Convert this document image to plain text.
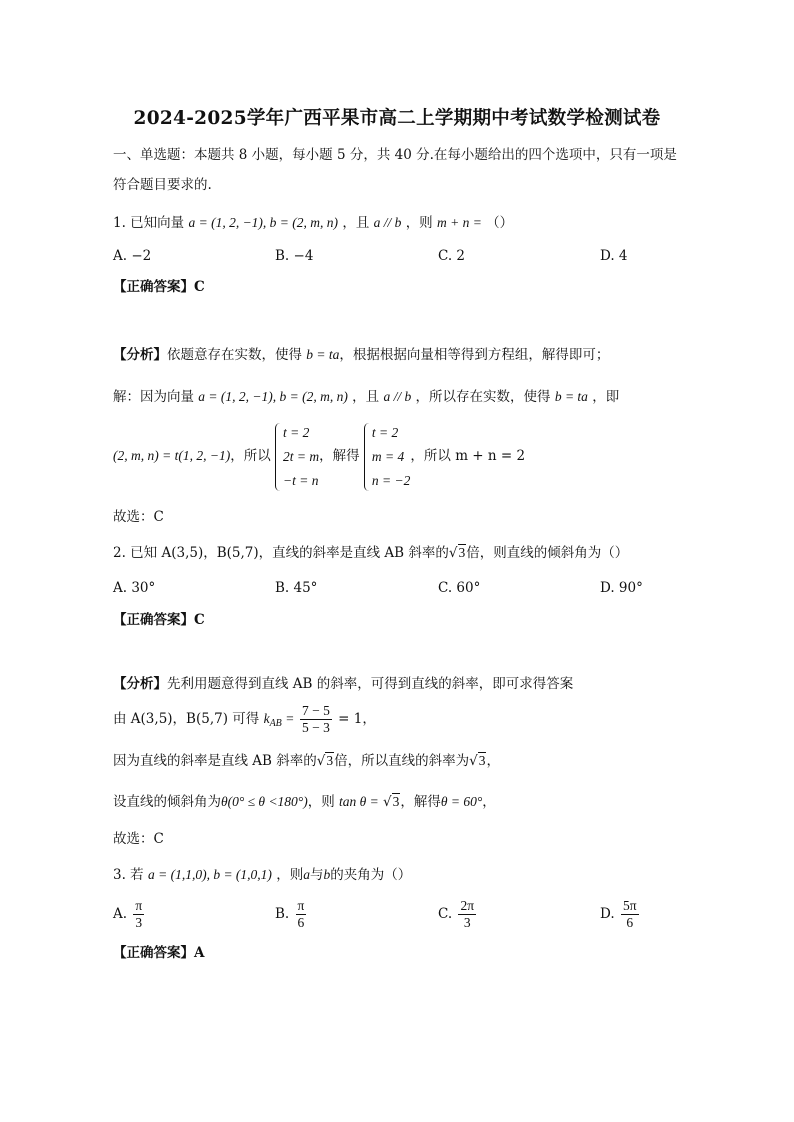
2024-2025学年广西平果市高二上学期期中考试数学检测试卷
一、单选题：本题共 8 小题，每小题 5 分，共 40 分.在每小题给出的四个选项中，只有一项是
符合题目要求的.
1. 已知向量 a = (1, 2, −1), b = (2, m, n) ，且 a // b ，则 m + n = （）
A. −2	B. −4	C. 2	D. 4
【正确答案】C
【分析】依题意存在实数，使得 b = ta，根据根据向量相等得到方程组，解得即可；
解：因为向量 a = (1, 2, −1), b = (2, m, n) ，且 a // b ，所以存在实数，使得 b = ta ，即
(2, m, n) = t(1, 2, −1)，所以
t = 2
2t = m
−t = n
，解得
t = 2
m = 4
n = −2
，所以 m + n = 2
故选：C
2. 已知 A(3,5)，B(5,7)，直线的斜率是直线 AB 斜率的√3倍，则直线的倾斜角为（）
A. 30°	B. 45°	C. 60°	D. 90°
【正确答案】C
【分析】先利用题意得到直线 AB 的斜率，可得到直线的斜率，即可求得答案
由 A(3,5)，B(5,7) 可得 $k_{AB} = \frac{7 - 5}{5 - 3} = 1$，
因为直线的斜率是直线 AB 斜率的√3倍，所以直线的斜率为√3，
设直线的倾斜角为θ(0° ≤ θ <180°)，则 tan θ = √3，解得θ = 60°，
故选：C
3. 若 a = (1,1,0), b = (1,0,1) ，则a与b的夹角为（）
A. $\frac{\pi}{3}$	B. $\frac{\pi}{6}$	C. $\frac{2\pi}{3}$	D. $\frac{5\pi}{6}$
【正确答案】A
